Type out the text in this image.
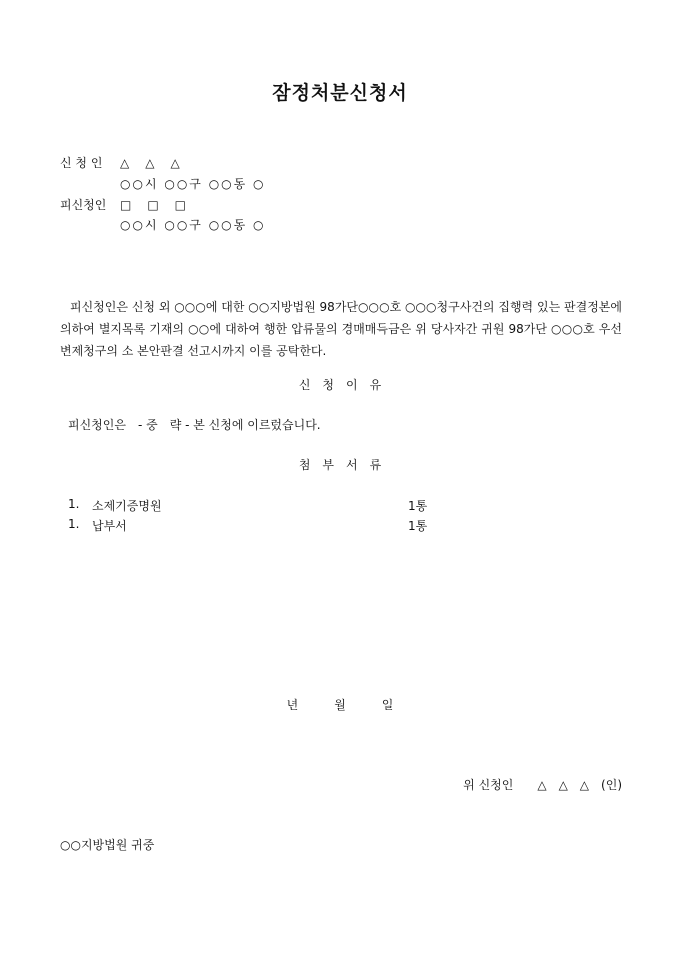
잠정처분신청서
신 청 인 △　△　△
○○시 ○○구 ○○동 ○
피신청인 □　□　□
○○시 ○○구 ○○동 ○
피신청인은 신청 외 ○○○에 대한 ○○지방법원 98가단○○○호 ○○○청구사건의 집행력 있는 판결정본에 의하여 별지목록 기재의 ○○에 대하여 행한 압류물의 경매매득금은 위 당사자간 귀원 98가단 ○○○호 우선 변제청구의 소 본안판결 선고시까지 이를 공탁한다.
신　청　이　유
피신청인은　- 중　략 - 본 신청에 이르렀습니다.
첨　부　서　류
1. 소제기증명원	1통
1. 납부서	1통
년　　　월　　　일
위 신청인　　△　△　△　(인)
○○지방법원 귀중
